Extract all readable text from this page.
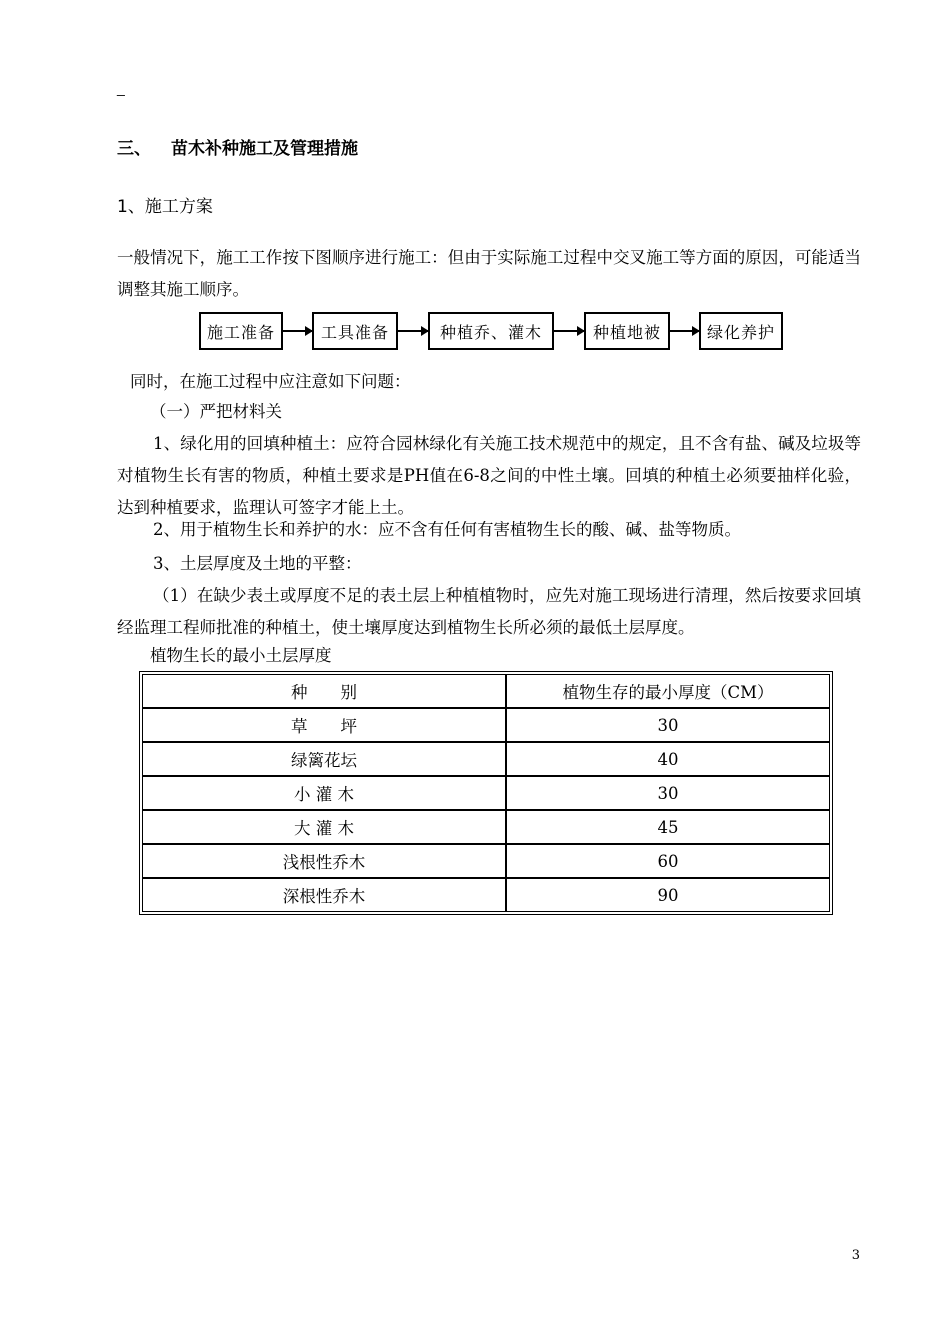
_
三、 苗木补种施工及管理措施
1、施工方案
一般情况下，施工工作按下图顺序进行施工：但由于实际施工过程中交叉施工等方面的原因，可能适当调整其施工顺序。
施工准备	工具准备	种植乔、灌木	种植地被	绿化养护
同时，在施工过程中应注意如下问题：
（一）严把材料关
1、绿化用的回填种植土：应符合园林绿化有关施工技术规范中的规定，且不含有盐、碱及垃圾等对植物生长有害的物质，种植土要求是PH值在6-8之间的中性土壤。回填的种植土必须要抽样化验，达到种植要求，监理认可签字才能上土。
2、用于植物生长和养护的水：应不含有任何有害植物生长的酸、碱、盐等物质。
3、土层厚度及土地的平整：
（1）在缺少表土或厚度不足的表土层上种植植物时，应先对施工现场进行清理，然后按要求回填经监理工程师批准的种植土，使土壤厚度达到植物生长所必须的最低土层厚度。
植物生长的最小土层厚度
种　　别	植物生存的最小厚度（CM）
草　　坪	30
绿篱花坛	40
小 灌 木	30
大 灌 木	45
浅根性乔木	60
深根性乔木	90
3
